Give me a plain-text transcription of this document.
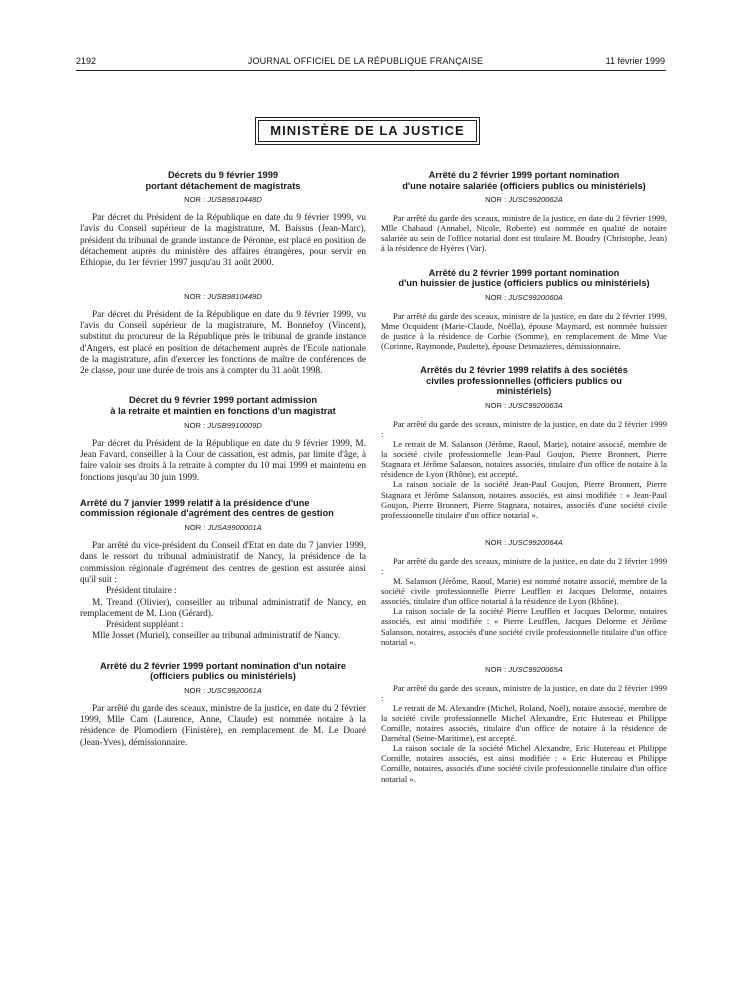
2192	JOURNAL OFFICIEL DE LA RÉPUBLIQUE FRANÇAISE	11 février 1999
MINISTÈRE DE LA JUSTICE

Décrets du 9 février 1999

portant détachement de magistrats

NOR : JUSB9810448D

Par décret du Président de la République en date du 9 février 1999, vu l'avis du Conseil supérieur de la magistrature, M. Baissus (Jean-Marc), président du tribunal de grande instance de Péronne, est placé en position de détachement auprès du ministère des affaires étrangères, pour servir en Ethiopie, du 1er février 1997 jusqu'au 31 août 2000.

NOR : JUSB9810449D

Par décret du Président de la République en date du 9 février 1999, vu l'avis du Conseil supérieur de la magistrature, M. Bonnefoy (Vincent), substitut du procureur de la République près le tribunal de grande instance d'Angers, est placé en position de détachement auprès de l'Ecole nationale de la magistrature, afin d'exercer les fonctions de maître de conférences de 2e classe, pour une durée de trois ans à compter du 31 août 1998.

Décret du 9 février 1999 portant admission

à la retraite et maintien en fonctions d'un magistrat

NOR : JUSB9910009D

Par décret du Président de la République en date du 9 février 1999, M. Jean Favard, conseiller à la Cour de cassation, est admis, par limite d'âge, à faire valoir ses droits à la retraite à compter du 10 mai 1999 et maintenu en fonctions jusqu'au 30 juin 1999.

Arrêté du 7 janvier 1999 relatif à la présidence d'une commission régionale d'agrément des centres de gestion

NOR : JUSA9900001A

Par arrêté du vice-président du Conseil d'Etat en date du 7 janvier 1999, dans le ressort du tribunal administratif de Nancy, la présidence de la commission régionale d'agrément des centres de gestion est assurée ainsi qu'il suit :

Président titulaire :

M. Treand (Olivier), conseiller au tribunal administratif de Nancy, en remplacement de M. Lion (Gérard).

Président suppléant :

Mlle Josset (Muriel), conseiller au tribunal administratif de Nancy.

Arrêté du 2 février 1999 portant nomination d'un notaire

(officiers publics ou ministériels)

NOR : JUSC9920061A

Par arrêté du garde des sceaux, ministre de la justice, en date du 2 février 1999, Mlle Cam (Laurence, Anne, Claude) est nommée notaire à la résidence de Plomodiern (Finistère), en remplacement de M. Le Doaré (Jean-Yves), démissionnaire.

Arrêté du 2 février 1999 portant nomination

d'une notaire salariée (officiers publics ou ministériels)

NOR : JUSC9920062A

Par arrêté du garde des sceaux, ministre de la justice, en date du 2 février 1999, Mlle Chabaud (Annabel, Nicole, Roberte) est nommée en qualité de notaire salariée au sein de l'office notarial dont est titulaire M. Boudry (Christophe, Jean) à la résidence de Hyères (Var).

Arrêté du 2 février 1999 portant nomination

d'un huissier de justice (officiers publics ou ministériels)

NOR : JUSC9920060A

Par arrêté du garde des sceaux, ministre de la justice, en date du 2 février 1999, Mme Ocquident (Marie-Claude, Noëlla), épouse Maymard, est nommée huissier de justice à la résidence de Corbie (Somme), en remplacement de Mme Vue (Corinne, Raymonde, Paulette), épouse Desmazieres, démissionnaire.

Arrêtés du 2 février 1999 relatifs à des sociétés

civiles professionnelles (officiers publics ou

ministériels)

NOR : JUSC9920063A

Par arrêté du garde des sceaux, ministre de la justice, en date du 2 février 1999 :

Le retrait de M. Salanson (Jérôme, Raoul, Marie), notaire associé, membre de la société civile professionnelle Jean-Paul Goujon, Pierre Bronnert, Pierre Stagnara et Jérôme Salanson, notaires associés, titulaire d'un office de notaire à la résidence de Lyon (Rhône), est accepté.

La raison sociale de la société Jean-Paul Goujon, Pierre Bronnert, Pierre Stagnara et Jérôme Salanson, notaires associés, est ainsi modifiée : « Jean-Paul Goujon, Pierre Bronnert, Pierre Stagnara, notaires, associés d'une société civile professionnelle titulaire d'un office notarial ».

NOR : JUSC9920064A

Par arrêté du garde des sceaux, ministre de la justice, en date du 2 février 1999 :

M. Salanson (Jérôme, Raoul, Marie) est nommé notaire associé, membre de la société civile professionnelle Pierre Leufflen et Jacques Delorme, notaires associés, titulaire d'un office notarial à la résidence de Lyon (Rhône).

La raison sociale de la société Pierre Leufflen et Jacques Delorme, notaires associés, est ainsi modifiée : « Pierre Leufflen, Jacques Delorme et Jérôme Salanson, notaires, associés d'une société civile professionnelle titulaire d'un office notarial ».

NOR : JUSC9920065A

Par arrêté du garde des sceaux, ministre de la justice, en date du 2 février 1999 :

Le retrait de M. Alexandre (Michel, Roland, Noël), notaire associé, membre de la société civile professionnelle Michel Alexandre, Eric Hutereau et Philippe Cornille, notaires associés, titulaire d'un office de notaire à la résidence de Darnétal (Seine-Maritime), est accepté.

La raison sociale de la société Michel Alexandre, Eric Hutereau et Philippe Cornille, notaires associés, est ainsi modifiée : « Eric Hutereau et Philippe Cornille, notaires, associés d'une société civile professionnelle titulaire d'un office notarial ».
